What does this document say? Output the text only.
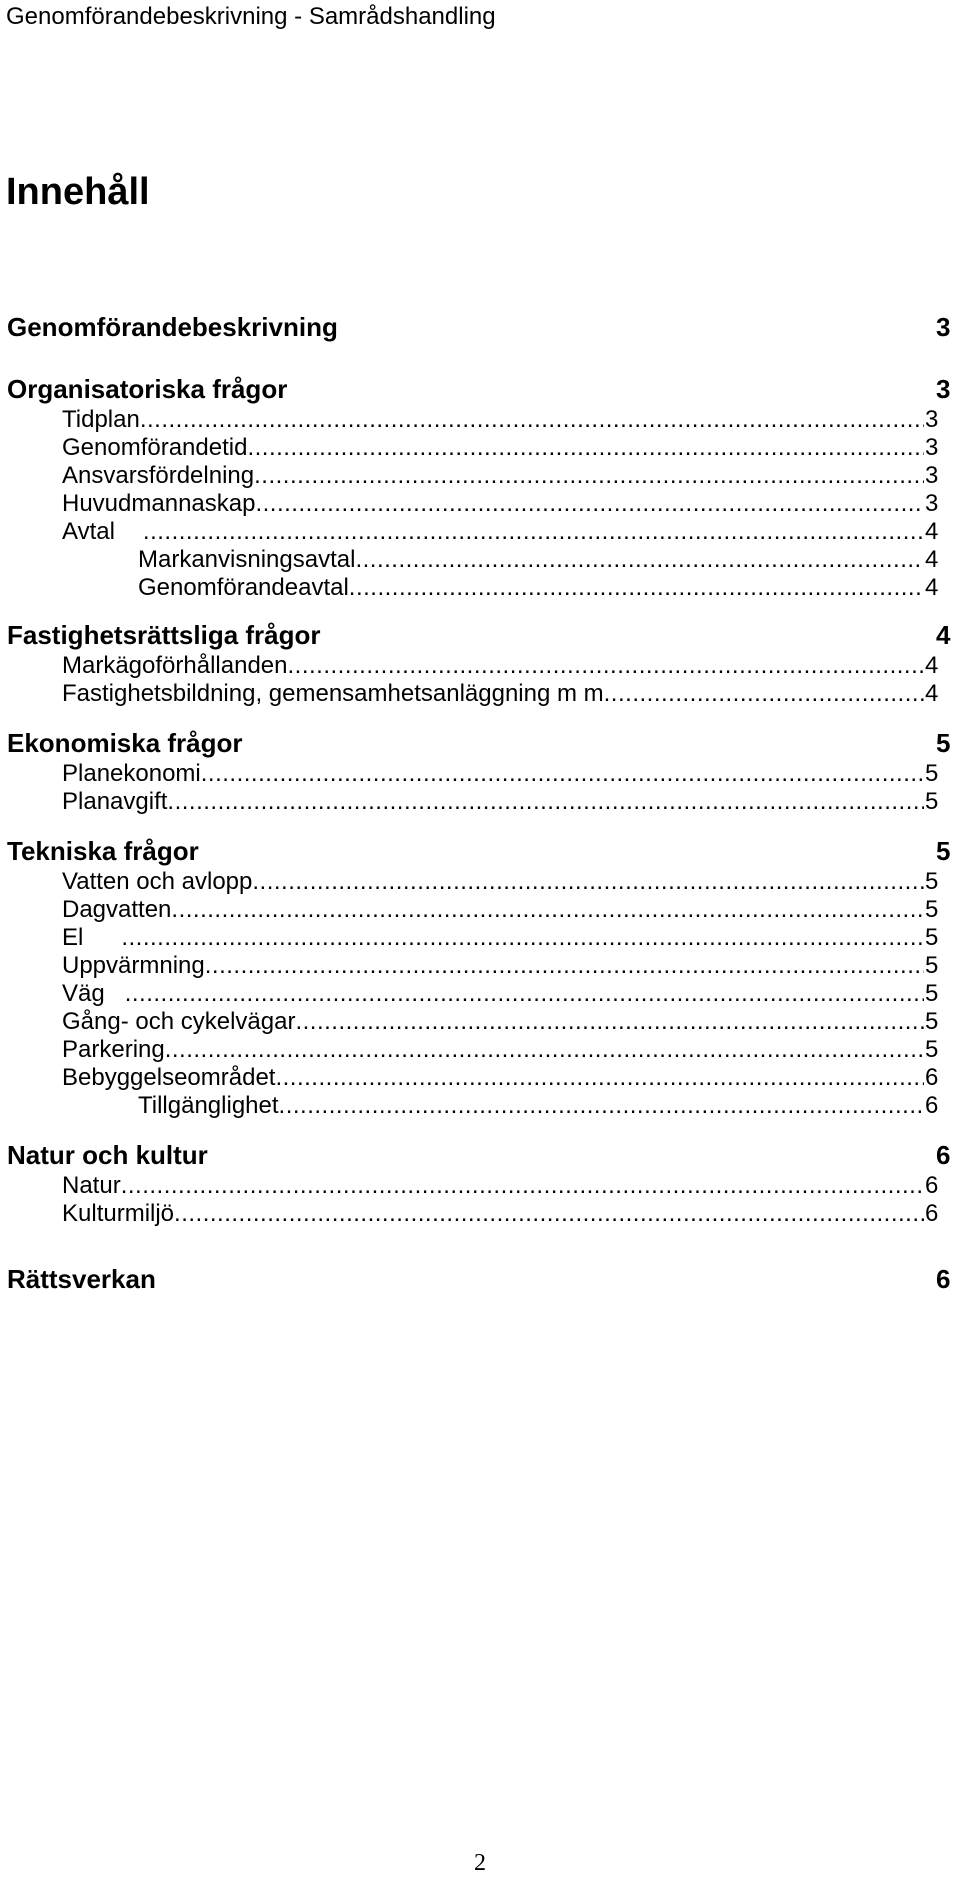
Genomförandebeskrivning - Samrådshandling
Innehåll
Genomförandebeskrivning	3
Organisatoriska frågor	3
Tidplan .....	3
Genomförandetid .....	3
Ansvarsfördelning .....	3
Huvudmannaskap .....	3
Avtal .....	4
Markanvisningsavtal .....	4
Genomförandeavtal .....	4
Fastighetsrättsliga frågor	4
Markägoförhållanden .....	4
Fastighetsbildning, gemensamhetsanläggning m m .....	4
Ekonomiska frågor	5
Planekonomi .....	5
Planavgift .....	5
Tekniska frågor	5
Vatten och avlopp .....	5
Dagvatten .....	5
El .....	5
Uppvärmning .....	5
Väg .....	5
Gång- och cykelvägar .....	5
Parkering .....	5
Bebyggelseområdet .....	6
Tillgänglighet .....	6
Natur och kultur	6
Natur .....	6
Kulturmiljö .....	6
Rättsverkan	6
2
